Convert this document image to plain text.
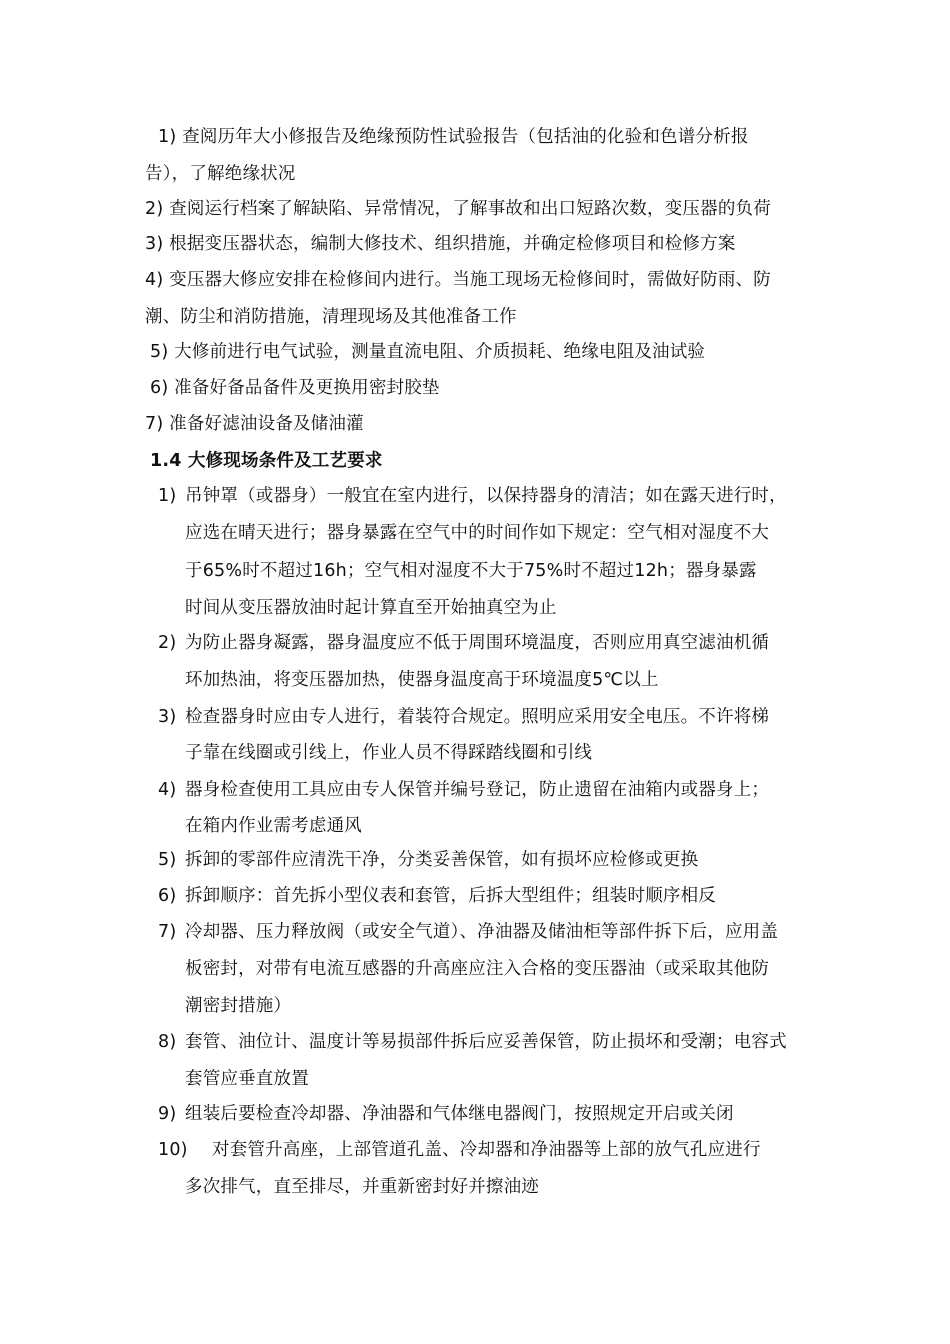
1) 查阅历年大小修报告及绝缘预防性试验报告（包括油的化验和色谱分析报
告），了解绝缘状况
2) 查阅运行档案了解缺陷、异常情况，了解事故和出口短路次数，变压器的负荷
3) 根据变压器状态，编制大修技术、组织措施，并确定检修项目和检修方案
4) 变压器大修应安排在检修间内进行。当施工现场无检修间时，需做好防雨、防
潮、防尘和消防措施，清理现场及其他准备工作
5) 大修前进行电气试验，测量直流电阻、介质损耗、绝缘电阻及油试验
6) 准备好备品备件及更换用密封胶垫
7) 准备好滤油设备及储油灌
1.4 大修现场条件及工艺要求
1) 吊钟罩（或器身）一般宜在室内进行，以保持器身的清洁；如在露天进行时，
应选在晴天进行；器身暴露在空气中的时间作如下规定：空气相对湿度不大
于65%时不超过16h；空气相对湿度不大于75%时不超过12h；器身暴露
时间从变压器放油时起计算直至开始抽真空为止
2) 为防止器身凝露，器身温度应不低于周围环境温度，否则应用真空滤油机循
环加热油，将变压器加热，使器身温度高于环境温度5℃以上
3) 检查器身时应由专人进行，着装符合规定。照明应采用安全电压。不许将梯
子靠在线圈或引线上，作业人员不得踩踏线圈和引线
4) 器身检查使用工具应由专人保管并编号登记，防止遗留在油箱内或器身上；
在箱内作业需考虑通风
5) 拆卸的零部件应清洗干净，分类妥善保管，如有损坏应检修或更换
6) 拆卸顺序：首先拆小型仪表和套管，后拆大型组件；组装时顺序相反
7) 冷却器、压力释放阀（或安全气道）、净油器及储油柜等部件拆下后，应用盖
板密封，对带有电流互感器的升高座应注入合格的变压器油（或采取其他防
潮密封措施）
8) 套管、油位计、温度计等易损部件拆后应妥善保管，防止损坏和受潮；电容式
套管应垂直放置
9) 组装后要检查冷却器、净油器和气体继电器阀门，按照规定开启或关闭
10) 对套管升高座，上部管道孔盖、冷却器和净油器等上部的放气孔应进行
多次排气，直至排尽，并重新密封好并擦油迹
